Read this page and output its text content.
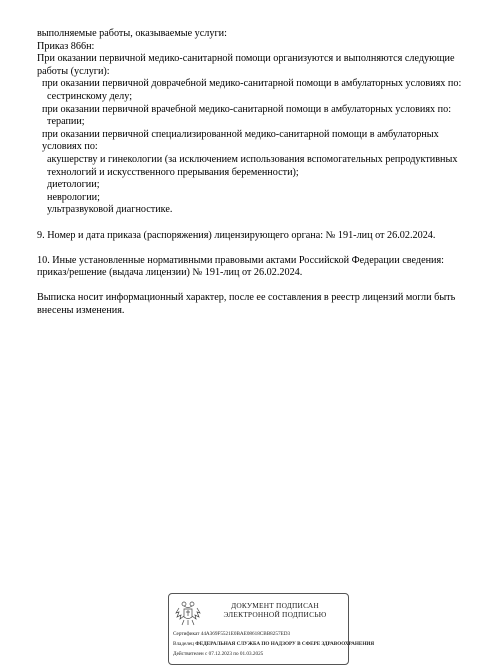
выполняемые работы, оказываемые услуги:

Приказ 866н:

При оказании первичной медико-санитарной помощи организуются и выполняются следующие работы (услуги):

при оказании первичной доврачебной медико-санитарной помощи в амбулаторных условиях по:

сестринскому делу;

при оказании первичной врачебной медико-санитарной помощи в амбулаторных условиях по:

терапии;

при оказании первичной специализированной медико-санитарной помощи в амбулаторных условиях по:

акушерству и гинекологии (за исключением использования вспомогательных репродуктивных технологий и искусственного прерывания беременности);

диетологии;

неврологии;

ультразвуковой диагностике.

9. Номер и дата приказа (распоряжения) лицензирующего органа: № 191-лиц от 26.02.2024.

10. Иные установленные нормативными правовыми актами Российской Федерации сведения: приказ/решение (выдача лицензии) № 191-лиц от 26.02.2024.

Выписка носит информационный характер, после ее составления в реестр лицензий могли быть внесены изменения.

ДОКУМЕНТ ПОДПИСАН
ЭЛЕКТРОННОЙ ПОДПИСЬЮ
Сертификат 44A369F5521E0BAE08618CBB8257ED3
Владелец ФЕДЕРАЛЬНАЯ СЛУЖБА ПО НАДЗОРУ В СФЕРЕ ЗДРАВООХРАНЕНИЯ
Действителен с 07.12.2023 по 01.03.2025
